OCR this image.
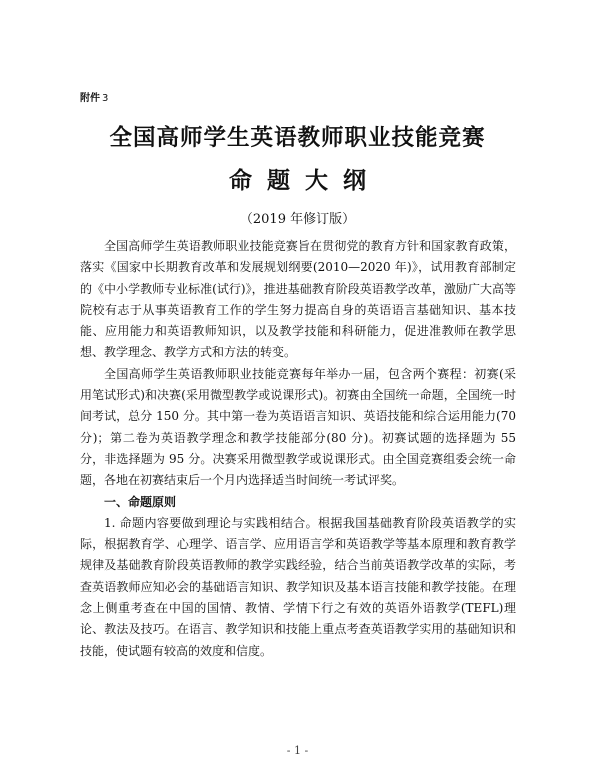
附件 3
全国高师学生英语教师职业技能竞赛
命题大纲
（2019 年修订版）

全国高师学生英语教师职业技能竞赛旨在贯彻党的教育方针和国家教育政策，落实《国家中长期教育改革和发展规划纲要(2010—2020 年)》，试用教育部制定的《中小学教师专业标准(试行)》，推进基础教育阶段英语教学改革，激励广大高等院校有志于从事英语教育工作的学生努力提高自身的英语语言基础知识、基本技能、应用能力和英语教师知识，以及教学技能和科研能力，促进准教师在教学思想、教学理念、教学方式和方法的转变。

全国高师学生英语教师职业技能竞赛每年举办一届，包含两个赛程：初赛(采用笔试形式)和决赛(采用微型教学或说课形式)。初赛由全国统一命题，全国统一时间考试，总分 150 分。其中第一卷为英语语言知识、英语技能和综合运用能力(70 分)；第二卷为英语教学理念和教学技能部分(80 分)。初赛试题的选择题为 55 分，非选择题为 95 分。决赛采用微型教学或说课形式。由全国竞赛组委会统一命题，各地在初赛结束后一个月内选择适当时间统一考试评奖。

一、命题原则

1. 命题内容要做到理论与实践相结合。根据我国基础教育阶段英语教学的实际，根据教育学、心理学、语言学、应用语言学和英语教学等基本原理和教育教学规律及基础教育阶段英语教师的教学实践经验，结合当前英语教学改革的实际，考查英语教师应知必会的基础语言知识、教学知识及基本语言技能和教学技能。在理念上侧重考查在中国的国情、教情、学情下行之有效的英语外语教学(TEFL)理论、教法及技巧。在语言、教学知识和技能上重点考查英语教学实用的基础知识和技能，使试题有较高的效度和信度。

- 1 -
